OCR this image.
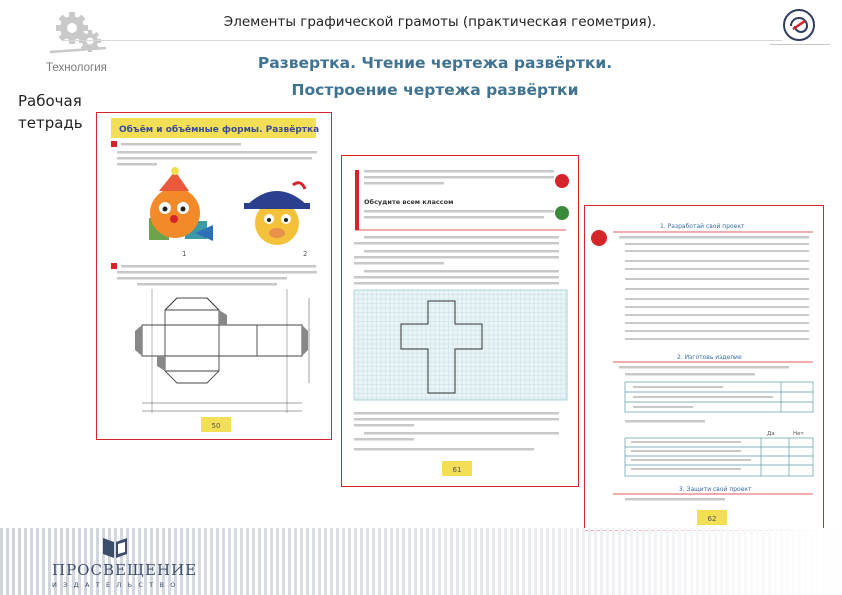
Элементы графической грамоты (практическая геометрия).
Технология
Рабочая
тетрадь
Развертка. Чтение чертежа развёртки.
Построение чертежа развёртки
Объём и объёмные формы. Развёртка
1	2
50
Обсудите всем классом
61
1. Разработай свой проект
2. Изготовь изделие
Да	Нет
3. Защити свой проект
62
ПРОСВЕЩЕНИЕ
ИЗДАТЕЛЬСТВО
